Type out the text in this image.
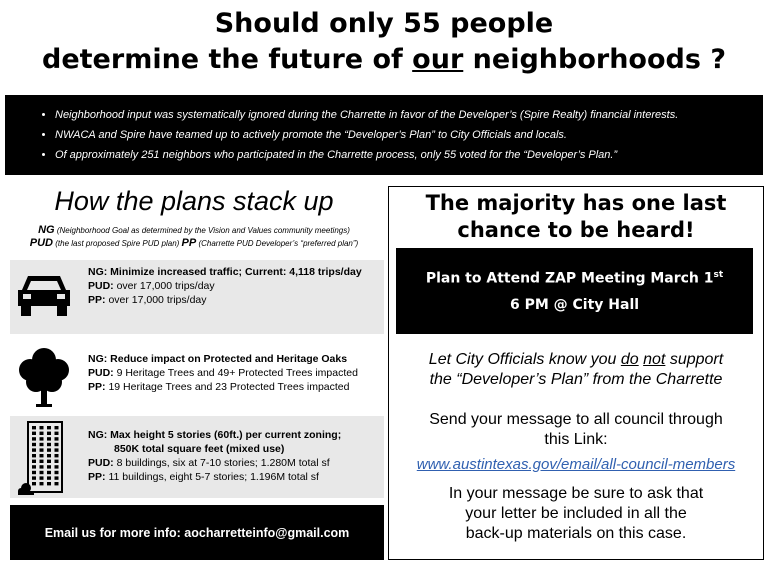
Should only 55 people
determine the future of our neighborhoods ?
• Neighborhood input was systematically ignored during the Charrette in favor of the Developer’s (Spire Realty) financial interests.
• NWACA and Spire have teamed up to actively promote the “Developer’s Plan” to City Officials and locals.
• Of approximately 251 neighbors who participated in the Charrette process, only 55 voted for the “Developer’s Plan.”
How the plans stack up
NG (Neighborhood Goal as determined by the Vision and Values community meetings)
PUD (the last proposed Spire PUD plan) PP (Charrette PUD Developer’s “preferred plan”)
NG: Minimize increased traffic; Current: 4,118 trips/day
PUD: over 17,000 trips/day
PP: over 17,000 trips/day
NG: Reduce impact on Protected and Heritage Oaks
PUD: 9 Heritage Trees and 49+ Protected Trees impacted
PP: 19 Heritage Trees and 23 Protected Trees impacted
NG: Max height 5 stories (60ft.) per current zoning;
850K total square feet (mixed use)
PUD: 8 buildings, six at 7-10 stories; 1.280M total sf
PP: 11 buildings, eight 5-7 stories; 1.196M total sf
Email us for more info: aocharretteinfo@gmail.com
The majority has one last
chance to be heard!
Plan to Attend ZAP Meeting March 1st
6 PM @ City Hall
Let City Officials know you do not support
the “Developer’s Plan” from the Charrette
Send your message to all council through
this Link:
www.austintexas.gov/email/all-council-members
In your message be sure to ask that
your letter be included in all the
back-up materials on this case.
